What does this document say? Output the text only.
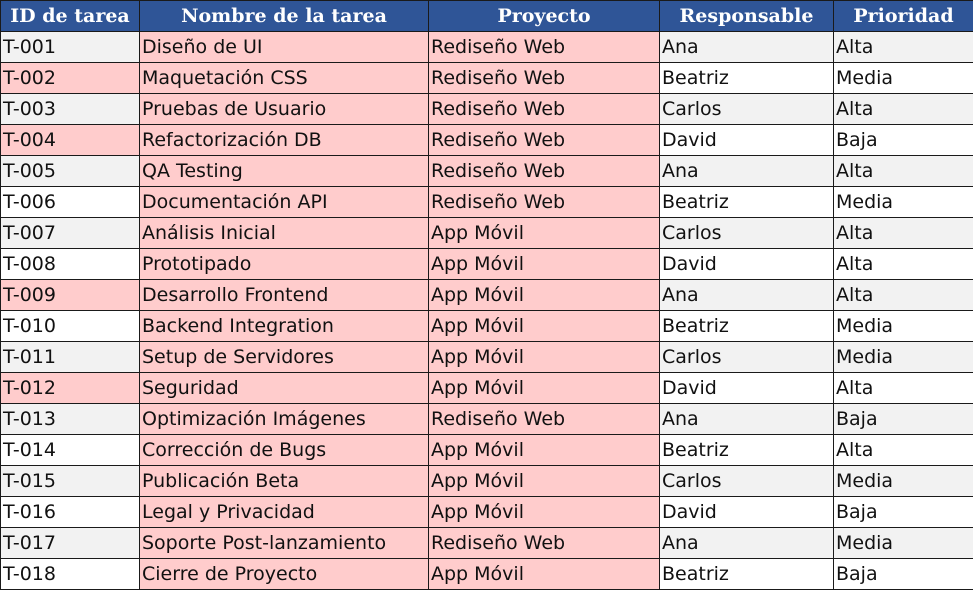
ID de tarea	Nombre de la tarea	Proyecto	Responsable	Prioridad
T-001	Diseño de UI	Rediseño Web	Ana	Alta
T-002	Maquetación CSS	Rediseño Web	Beatriz	Media
T-003	Pruebas de Usuario	Rediseño Web	Carlos	Alta
T-004	Refactorización DB	Rediseño Web	David	Baja
T-005	QA Testing	Rediseño Web	Ana	Alta
T-006	Documentación API	Rediseño Web	Beatriz	Media
T-007	Análisis Inicial	App Móvil	Carlos	Alta
T-008	Prototipado	App Móvil	David	Alta
T-009	Desarrollo Frontend	App Móvil	Ana	Alta
T-010	Backend Integration	App Móvil	Beatriz	Media
T-011	Setup de Servidores	App Móvil	Carlos	Media
T-012	Seguridad	App Móvil	David	Alta
T-013	Optimización Imágenes	Rediseño Web	Ana	Baja
T-014	Corrección de Bugs	App Móvil	Beatriz	Alta
T-015	Publicación Beta	App Móvil	Carlos	Media
T-016	Legal y Privacidad	App Móvil	David	Baja
T-017	Soporte Post-lanzamiento	Rediseño Web	Ana	Media
T-018	Cierre de Proyecto	App Móvil	Beatriz	Baja
